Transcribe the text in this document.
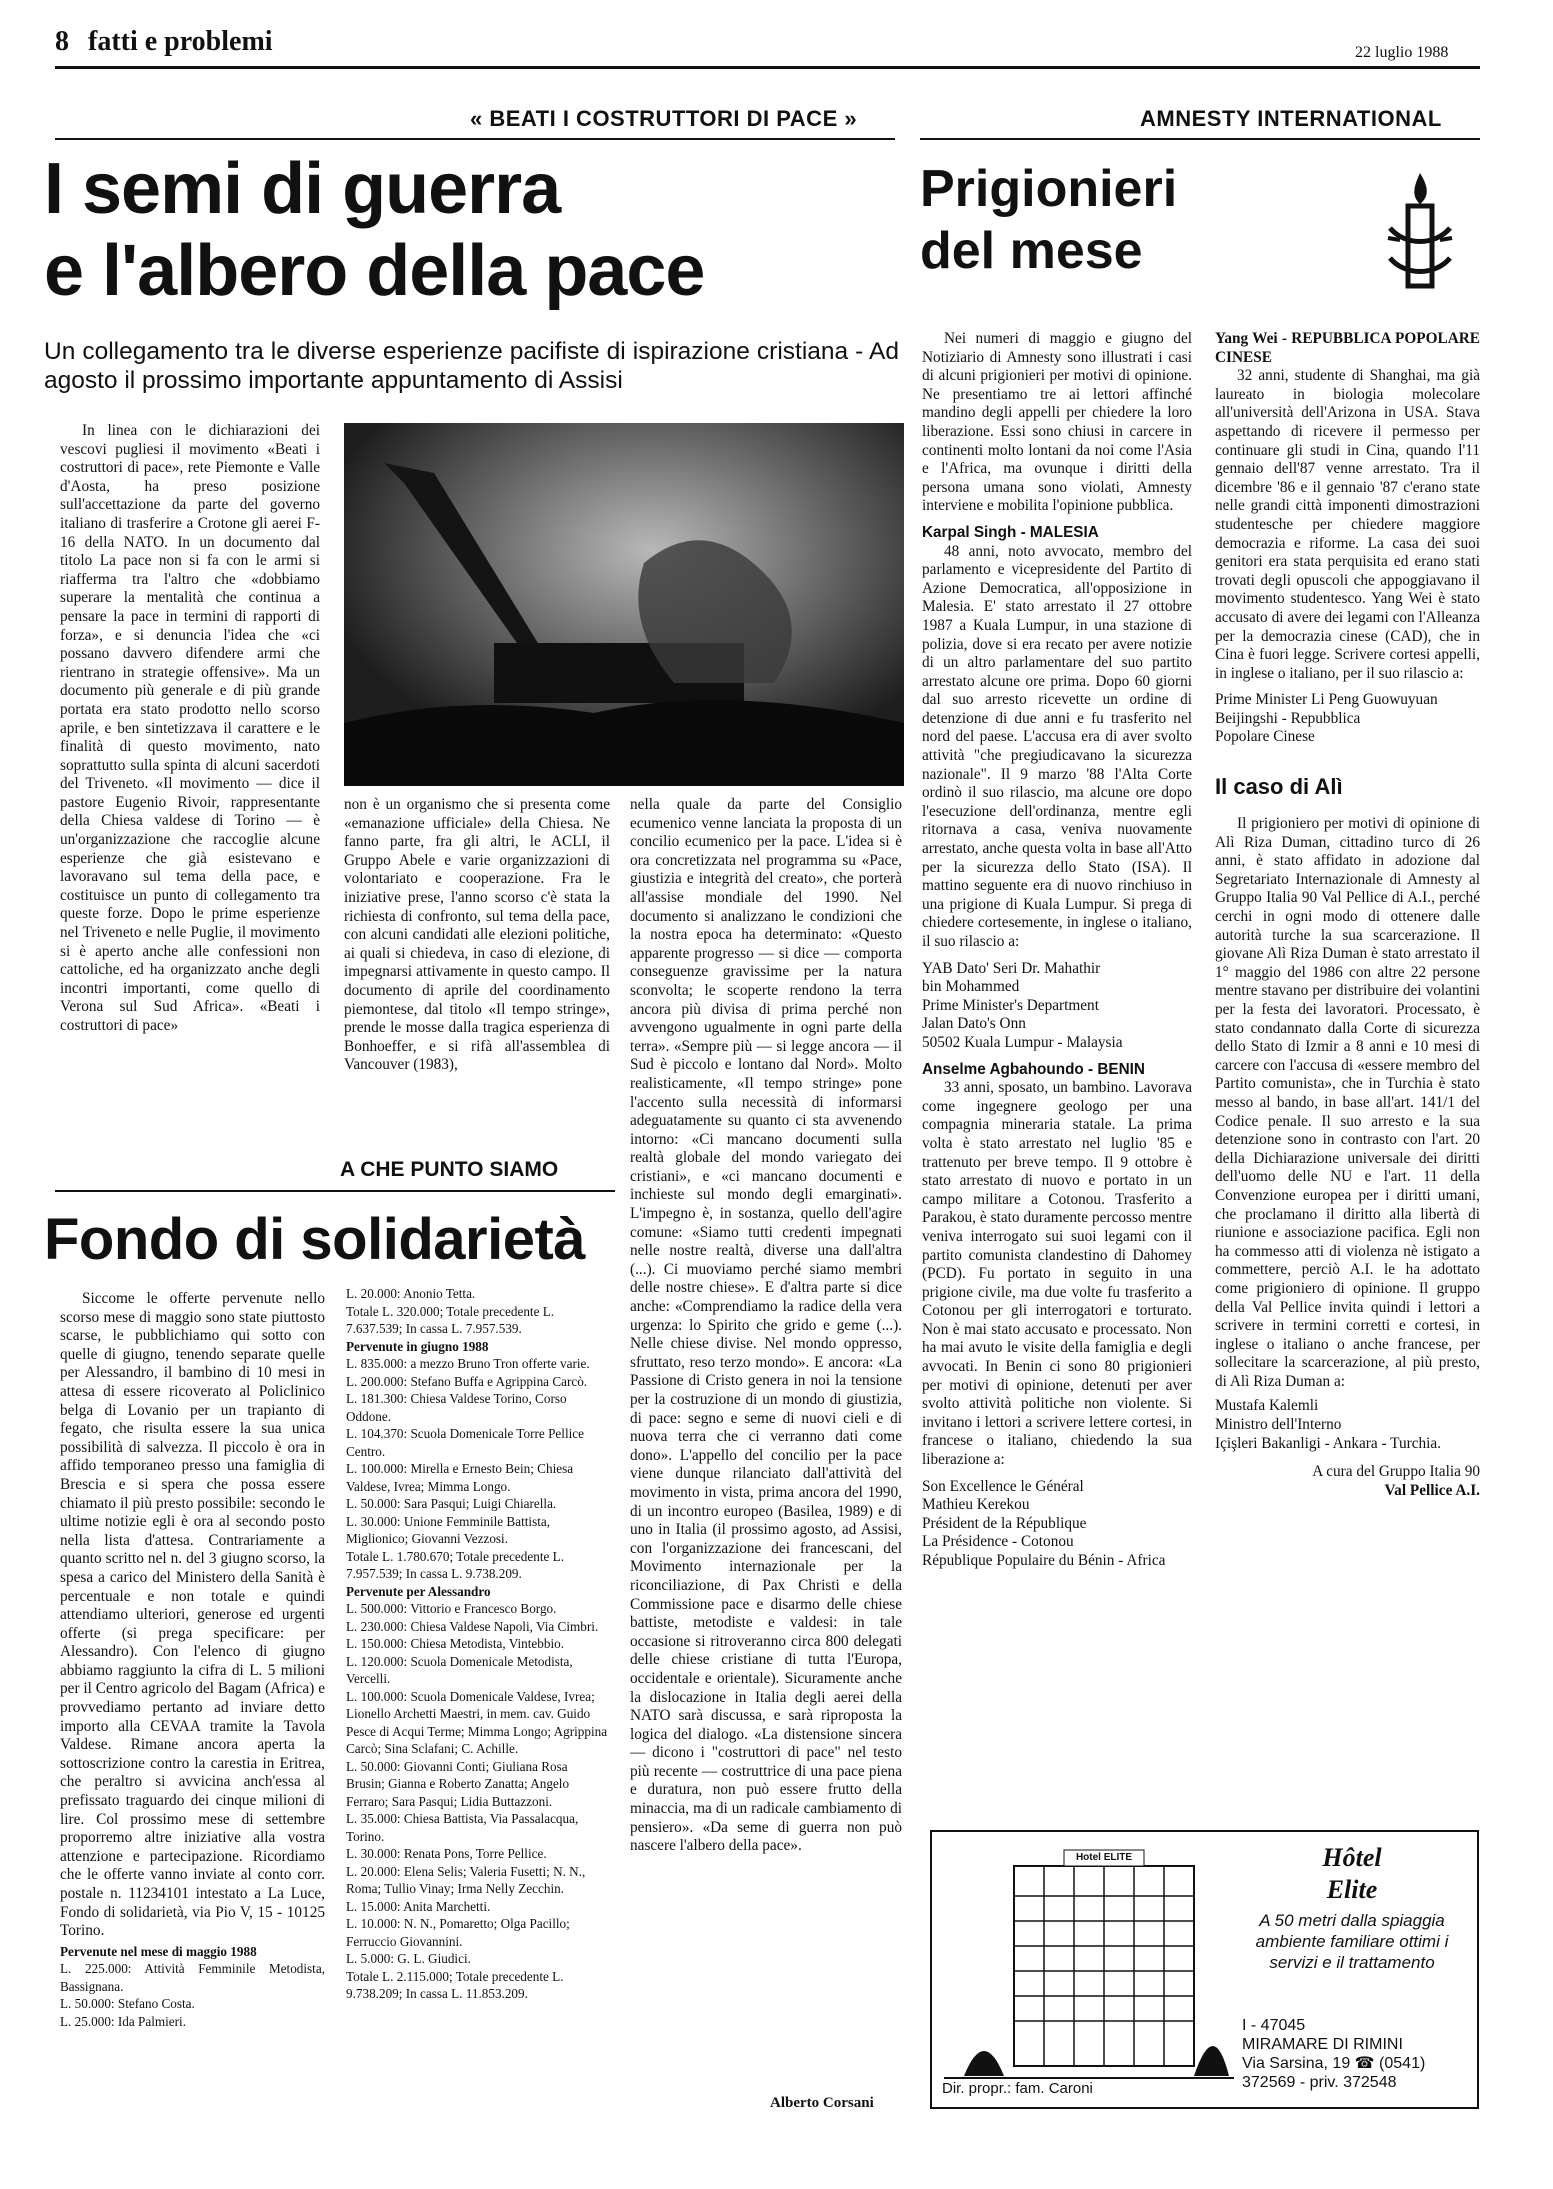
8 fatti e problemi	22 luglio 1988
« BEATI I COSTRUTTORI DI PACE »
I semi di guerra
e l'albero della pace
Un collegamento tra le diverse esperienze pacifiste di ispirazione cristiana - Ad agosto il prossimo importante appuntamento di Assisi

In linea con le dichiarazioni dei vescovi pugliesi il movimento «Beati i costruttori di pace», rete Piemonte e Valle d'Aosta, ha preso posizione sull'accettazione da parte del governo italiano di trasferire a Crotone gli aerei F-16 della NATO. In un documento dal titolo La pace non si fa con le armi si riafferma tra l'altro che «dobbiamo superare la mentalità che continua a pensare la pace in termini di rapporti di forza», e si denuncia l'idea che «ci possano davvero difendere armi che rientrano in strategie offensive». Ma un documento più generale e di più grande portata era stato prodotto nello scorso aprile, e ben sintetizzava il carattere e le finalità di questo movimento, nato soprattutto sulla spinta di alcuni sacerdoti del Triveneto. «Il movimento — dice il pastore Eugenio Rivoir, rappresentante della Chiesa valdese di Torino — è un'organizzazione che raccoglie alcune esperienze che già esistevano e lavoravano sul tema della pace, e costituisce un punto di collegamento tra queste forze. Dopo le prime esperienze nel Triveneto e nelle Puglie, il movimento si è aperto anche alle confessioni non cattoliche, ed ha organizzato anche degli incontri importanti, come quello di Verona sul Sud Africa». «Beati i costruttori di pace»

non è un organismo che si presenta come «emanazione ufficiale» della Chiesa. Ne fanno parte, fra gli altri, le ACLI, il Gruppo Abele e varie organizzazioni di volontariato e cooperazione. Fra le iniziative prese, l'anno scorso c'è stata la richiesta di confronto, sul tema della pace, con alcuni candidati alle elezioni politiche, ai quali si chiedeva, in caso di elezione, di impegnarsi attivamente in questo campo. Il documento di aprile del coordinamento piemontese, dal titolo «Il tempo stringe», prende le mosse dalla tragica esperienza di Bonhoeffer, e si rifà all'assemblea di Vancouver (1983),

nella quale da parte del Consiglio ecumenico venne lanciata la proposta di un concilio ecumenico per la pace. L'idea si è ora concretizzata nel programma su «Pace, giustizia e integrità del creato», che porterà all'assise mondiale del 1990. Nel documento si analizzano le condizioni che la nostra epoca ha determinato: «Questo apparente progresso — si dice — comporta conseguenze gravissime per la natura sconvolta; le scoperte rendono la terra ancora più divisa di prima perché non avvengono ugualmente in ogni parte della terra». «Sempre più — si legge ancora — il Sud è piccolo e lontano dal Nord». Molto realisticamente, «Il tempo stringe» pone l'accento sulla necessità di informarsi adeguatamente su quanto ci sta avvenendo intorno: «Ci mancano documenti sulla realtà globale del mondo variegato dei cristiani», e «ci mancano documenti e inchieste sul mondo degli emarginati». L'impegno è, in sostanza, quello dell'agire comune: «Siamo tutti credenti impegnati nelle nostre realtà, diverse una dall'altra (...). Ci muoviamo perché siamo membri delle nostre chiese». E d'altra parte si dice anche: «Comprendiamo la radice della vera urgenza: lo Spirito che grido e geme (...). Nelle chiese divise. Nel mondo oppresso, sfruttato, reso terzo mondo». E ancora: «La Passione di Cristo genera in noi la tensione per la costruzione di un mondo di giustizia, di pace: segno e seme di nuovi cieli e di nuova terra che ci verranno dati come dono». L'appello del concilio per la pace viene dunque rilanciato dall'attività del movimento in vista, prima ancora del 1990, di un incontro europeo (Basilea, 1989) e di uno in Italia (il prossimo agosto, ad Assisi, con l'organizzazione dei francescani, del Movimento internazionale per la riconciliazione, di Pax Christi e della Commissione pace e disarmo delle chiese battiste, metodiste e valdesi: in tale occasione si ritroveranno circa 800 delegati delle chiese cristiane di tutta l'Europa, occidentale e orientale). Sicuramente anche la dislocazione in Italia degli aerei della NATO sarà discussa, e sarà riproposta la logica del dialogo. «La distensione sincera — dicono i "costruttori di pace" nel testo più recente — costruttrice di una pace piena e duratura, non può essere frutto della minaccia, ma di un radicale cambiamento di pensiero». «Da seme di guerra non può nascere l'albero della pace».

Alberto Corsani
A CHE PUNTO SIAMO
Fondo di solidarietà

Siccome le offerte pervenute nello scorso mese di maggio sono state piuttosto scarse, le pubblichiamo qui sotto con quelle di giugno, tenendo separate quelle per Alessandro, il bambino di 10 mesi in attesa di essere ricoverato al Policlinico belga di Lovanio per un trapianto di fegato, che risulta essere la sua unica possibilità di salvezza. Il piccolo è ora in affido temporaneo presso una famiglia di Brescia e si spera che possa essere chiamato il più presto possibile: secondo le ultime notizie egli è ora al secondo posto nella lista d'attesa. Contrariamente a quanto scritto nel n. del 3 giugno scorso, la spesa a carico del Ministero della Sanità è percentuale e non totale e quindi attendiamo ulteriori, generose ed urgenti offerte (si prega specificare: per Alessandro). Con l'elenco di giugno abbiamo raggiunto la cifra di L. 5 milioni per il Centro agricolo del Bagam (Africa) e provvediamo pertanto ad inviare detto importo alla CEVAA tramite la Tavola Valdese. Rimane ancora aperta la sottoscrizione contro la carestia in Eritrea, che peraltro si avvicina anch'essa al prefissato traguardo dei cinque milioni di lire. Col prossimo mese di settembre proporremo altre iniziative alla vostra attenzione e partecipazione. Ricordiamo che le offerte vanno inviate al conto corr. postale n. 11234101 intestato a La Luce, Fondo di solidarietà, via Pio V, 15 - 10125 Torino.

Pervenute nel mese di maggio 1988
L. 225.000: Attività Femminile Metodista, Bassignana.
L. 50.000: Stefano Costa.
L. 25.000: Ida Palmieri.
L. 20.000: Anonio Tetta.
Totale L. 320.000; Totale precedente L. 7.637.539; In cassa L. 7.957.539.
Pervenute in giugno 1988
L. 835.000: a mezzo Bruno Tron offerte varie.
L. 200.000: Stefano Buffa e Agrippina Carcò.
L. 181.300: Chiesa Valdese Torino, Corso Oddone.
L. 104.370: Scuola Domenicale Torre Pellice Centro.
L. 100.000: Mirella e Ernesto Bein; Chiesa Valdese, Ivrea; Mimma Longo.
L. 50.000: Sara Pasqui; Luigi Chiarella.
L. 30.000: Unione Femminile Battista, Miglionico; Giovanni Vezzosi.
Totale L. 1.780.670; Totale precedente L. 7.957.539; In cassa L. 9.738.209.
Pervenute per Alessandro
L. 500.000: Vittorio e Francesco Borgo.
L. 230.000: Chiesa Valdese Napoli, Via Cimbri.
L. 150.000: Chiesa Metodista, Vintebbio.
L. 120.000: Scuola Domenicale Metodista, Vercelli.
L. 100.000: Scuola Domenicale Valdese, Ivrea; Lionello Archetti Maestri, in mem. cav. Guido Pesce di Acqui Terme; Mimma Longo; Agrippina Carcò; Sina Sclafani; C. Achille.
L. 50.000: Giovanni Conti; Giuliana Rosa Brusin; Gianna e Roberto Zanatta; Angelo Ferraro; Sara Pasqui; Lidia Buttazzoni.
L. 35.000: Chiesa Battista, Via Passalacqua, Torino.
L. 30.000: Renata Pons, Torre Pellice.
L. 20.000: Elena Selis; Valeria Fusetti; N. N., Roma; Tullio Vinay; Irma Nelly Zecchin.
L. 15.000: Anita Marchetti.
L. 10.000: N. N., Pomaretto; Olga Pacillo; Ferruccio Giovannini.
L. 5.000: G. L. Giudici.
Totale L. 2.115.000; Totale precedente L. 9.738.209; In cassa L. 11.853.209.
AMNESTY INTERNATIONAL
Prigionieri
del mese

Nei numeri di maggio e giugno del Notiziario di Amnesty sono illustrati i casi di alcuni prigionieri per motivi di opinione. Ne presentiamo tre ai lettori affinché mandino degli appelli per chiedere la loro liberazione. Essi sono chiusi in carcere in continenti molto lontani da noi come l'Asia e l'Africa, ma ovunque i diritti della persona umana sono violati, Amnesty interviene e mobilita l'opinione pubblica.

Karpal Singh - MALESIA

48 anni, noto avvocato, membro del parlamento e vicepresidente del Partito di Azione Democratica, all'opposizione in Malesia. E' stato arrestato il 27 ottobre 1987 a Kuala Lumpur, in una stazione di polizia, dove si era recato per avere notizie di un altro parlamentare del suo partito arrestato alcune ore prima. Dopo 60 giorni dal suo arresto ricevette un ordine di detenzione di due anni e fu trasferito nel nord del paese. L'accusa era di aver svolto attività "che pregiudicavano la sicurezza nazionale". Il 9 marzo '88 l'Alta Corte ordinò il suo rilascio, ma alcune ore dopo l'esecuzione dell'ordinanza, mentre egli ritornava a casa, veniva nuovamente arrestato, anche questa volta in base all'Atto per la sicurezza dello Stato (ISA). Il mattino seguente era di nuovo rinchiuso in una prigione di Kuala Lumpur. Si prega di chiedere cortesemente, in inglese o italiano, il suo rilascio a:

YAB Dato' Seri Dr. Mahathir
bin Mohammed
Prime Minister's Department
Jalan Dato's Onn
50502 Kuala Lumpur - Malaysia

Anselme Agbahoundo - BENIN

33 anni, sposato, un bambino. Lavorava come ingegnere geologo per una compagnia mineraria statale. La prima volta è stato arrestato nel luglio '85 e trattenuto per breve tempo. Il 9 ottobre è stato arrestato di nuovo e portato in un campo militare a Cotonou. Trasferito a Parakou, è stato duramente percosso mentre veniva interrogato sui suoi legami con il partito comunista clandestino di Dahomey (PCD). Fu portato in seguito in una prigione civile, ma due volte fu trasferito a Cotonou per gli interrogatori e torturato. Non è mai stato accusato e processato. Non ha mai avuto le visite della famiglia e degli avvocati. In Benin ci sono 80 prigionieri per motivi di opinione, detenuti per aver svolto attività politiche non violente. Si invitano i lettori a scrivere lettere cortesi, in francese o italiano, chiedendo la sua liberazione a:

Son Excellence le Général
Mathieu Kerekou
Président de la République
La Présidence - Cotonou
République Populaire du Bénin - Africa

Yang Wei - REPUBBLICA POPOLARE CINESE

32 anni, studente di Shanghai, ma già laureato in biologia molecolare all'università dell'Arizona in USA. Stava aspettando di ricevere il permesso per continuare gli studi in Cina, quando l'11 gennaio dell'87 venne arrestato. Tra il dicembre '86 e il gennaio '87 c'erano state nelle grandi città imponenti dimostrazioni studentesche per chiedere maggiore democrazia e riforme. La casa dei suoi genitori era stata perquisita ed erano stati trovati degli opuscoli che appoggiavano il movimento studentesco. Yang Wei è stato accusato di avere dei legami con l'Alleanza per la democrazia cinese (CAD), che in Cina è fuori legge. Scrivere cortesi appelli, in inglese o italiano, per il suo rilascio a:

Prime Minister Li Peng Guowuyuan
Beijingshi - Repubblica
Popolare Cinese
Il caso di Alì

Il prigioniero per motivi di opinione di Alì Riza Duman, cittadino turco di 26 anni, è stato affidato in adozione dal Segretariato Internazionale di Amnesty al Gruppo Italia 90 Val Pellice di A.I., perché cerchi in ogni modo di ottenere dalle autorità turche la sua scarcerazione. Il giovane Alì Riza Duman è stato arrestato il 1° maggio del 1986 con altre 22 persone mentre stavano per distribuire dei volantini per la festa dei lavoratori. Processato, è stato condannato dalla Corte di sicurezza dello Stato di Izmir a 8 anni e 10 mesi di carcere con l'accusa di «essere membro del Partito comunista», che in Turchia è stato messo al bando, in base all'art. 141/1 del Codice penale. Il suo arresto e la sua detenzione sono in contrasto con l'art. 20 della Dichiarazione universale dei diritti dell'uomo delle NU e l'art. 11 della Convenzione europea per i diritti umani, che proclamano il diritto alla libertà di riunione e associazione pacifica. Egli non ha commesso atti di violenza nè istigato a commettere, perciò A.I. le ha adottato come prigioniero di opinione. Il gruppo della Val Pellice invita quindi i lettori a scrivere in termini corretti e cortesi, in inglese o italiano o anche francese, per sollecitare la scarcerazione, al più presto, di Alì Riza Duman a:

Mustafa Kalemli
Ministro dell'Interno
Içişleri Bakanligi - Ankara - Turchia.
A cura del Gruppo Italia 90
Val Pellice A.I.
Hotel ELITE	Hôtel
Elite
A 50 metri dalla spiaggia ambiente familiare ottimi i servizi e il trattamento
I - 47045
MIRAMARE DI RIMINI
Via Sarsina, 19 ☎ (0541)
372569 - priv. 372548
Dir. propr.: fam. Caroni
